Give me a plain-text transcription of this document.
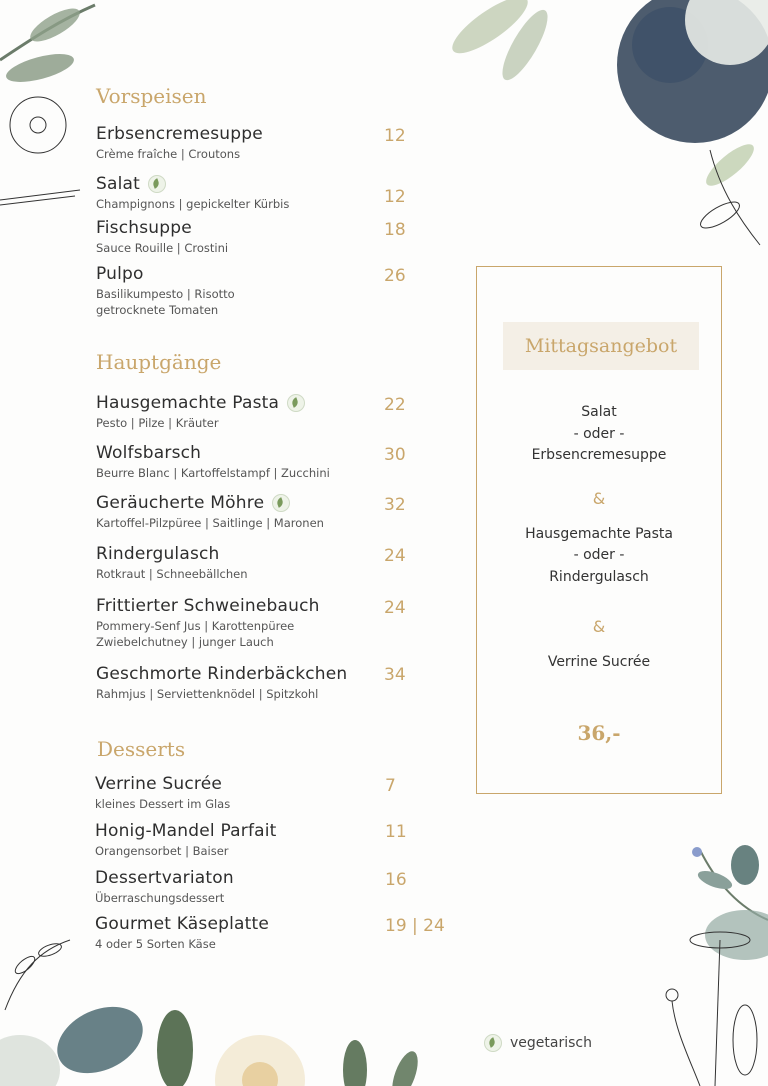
Vorspeisen
Erbsencremesuppe
Crème fraîche | Croutons
12
Salat
Champignons | gepickelter Kürbis	12
Fischsuppe
Sauce Rouille | Crostini
18
Pulpo
Basilikumpesto | Risotto
getrocknete Tomaten
26
Hauptgänge
Hausgemachte Pasta
Pesto | Pilze | Kräuter
22
Wolfsbarsch
Beurre Blanc | Kartoffelstampf | Zucchini
30
Geräucherte Möhre
Kartoffel-Pilzpüree | Saitlinge | Maronen
32
Rindergulasch
Rotkraut | Schneebällchen
24
Frittierter Schweinebauch
Pommery-Senf Jus | Karottenpüree
Zwiebelchutney | junger Lauch
24
Geschmorte Rinderbäckchen
Rahmjus | Serviettenknödel | Spitzkohl
34
Desserts
Verrine Sucrée
kleines Dessert im Glas
7
Honig-Mandel Parfait
Orangensorbet | Baiser
11
Dessertvariaton
Überraschungsdessert
16
Gourmet Käseplatte
4 oder 5 Sorten Käse
19 | 24
Mittagsangebot
Salat
- oder -
Erbsencremesuppe
&
Hausgemachte Pasta
- oder -
Rindergulasch
&
Verrine Sucrée
36,-
vegetarisch
